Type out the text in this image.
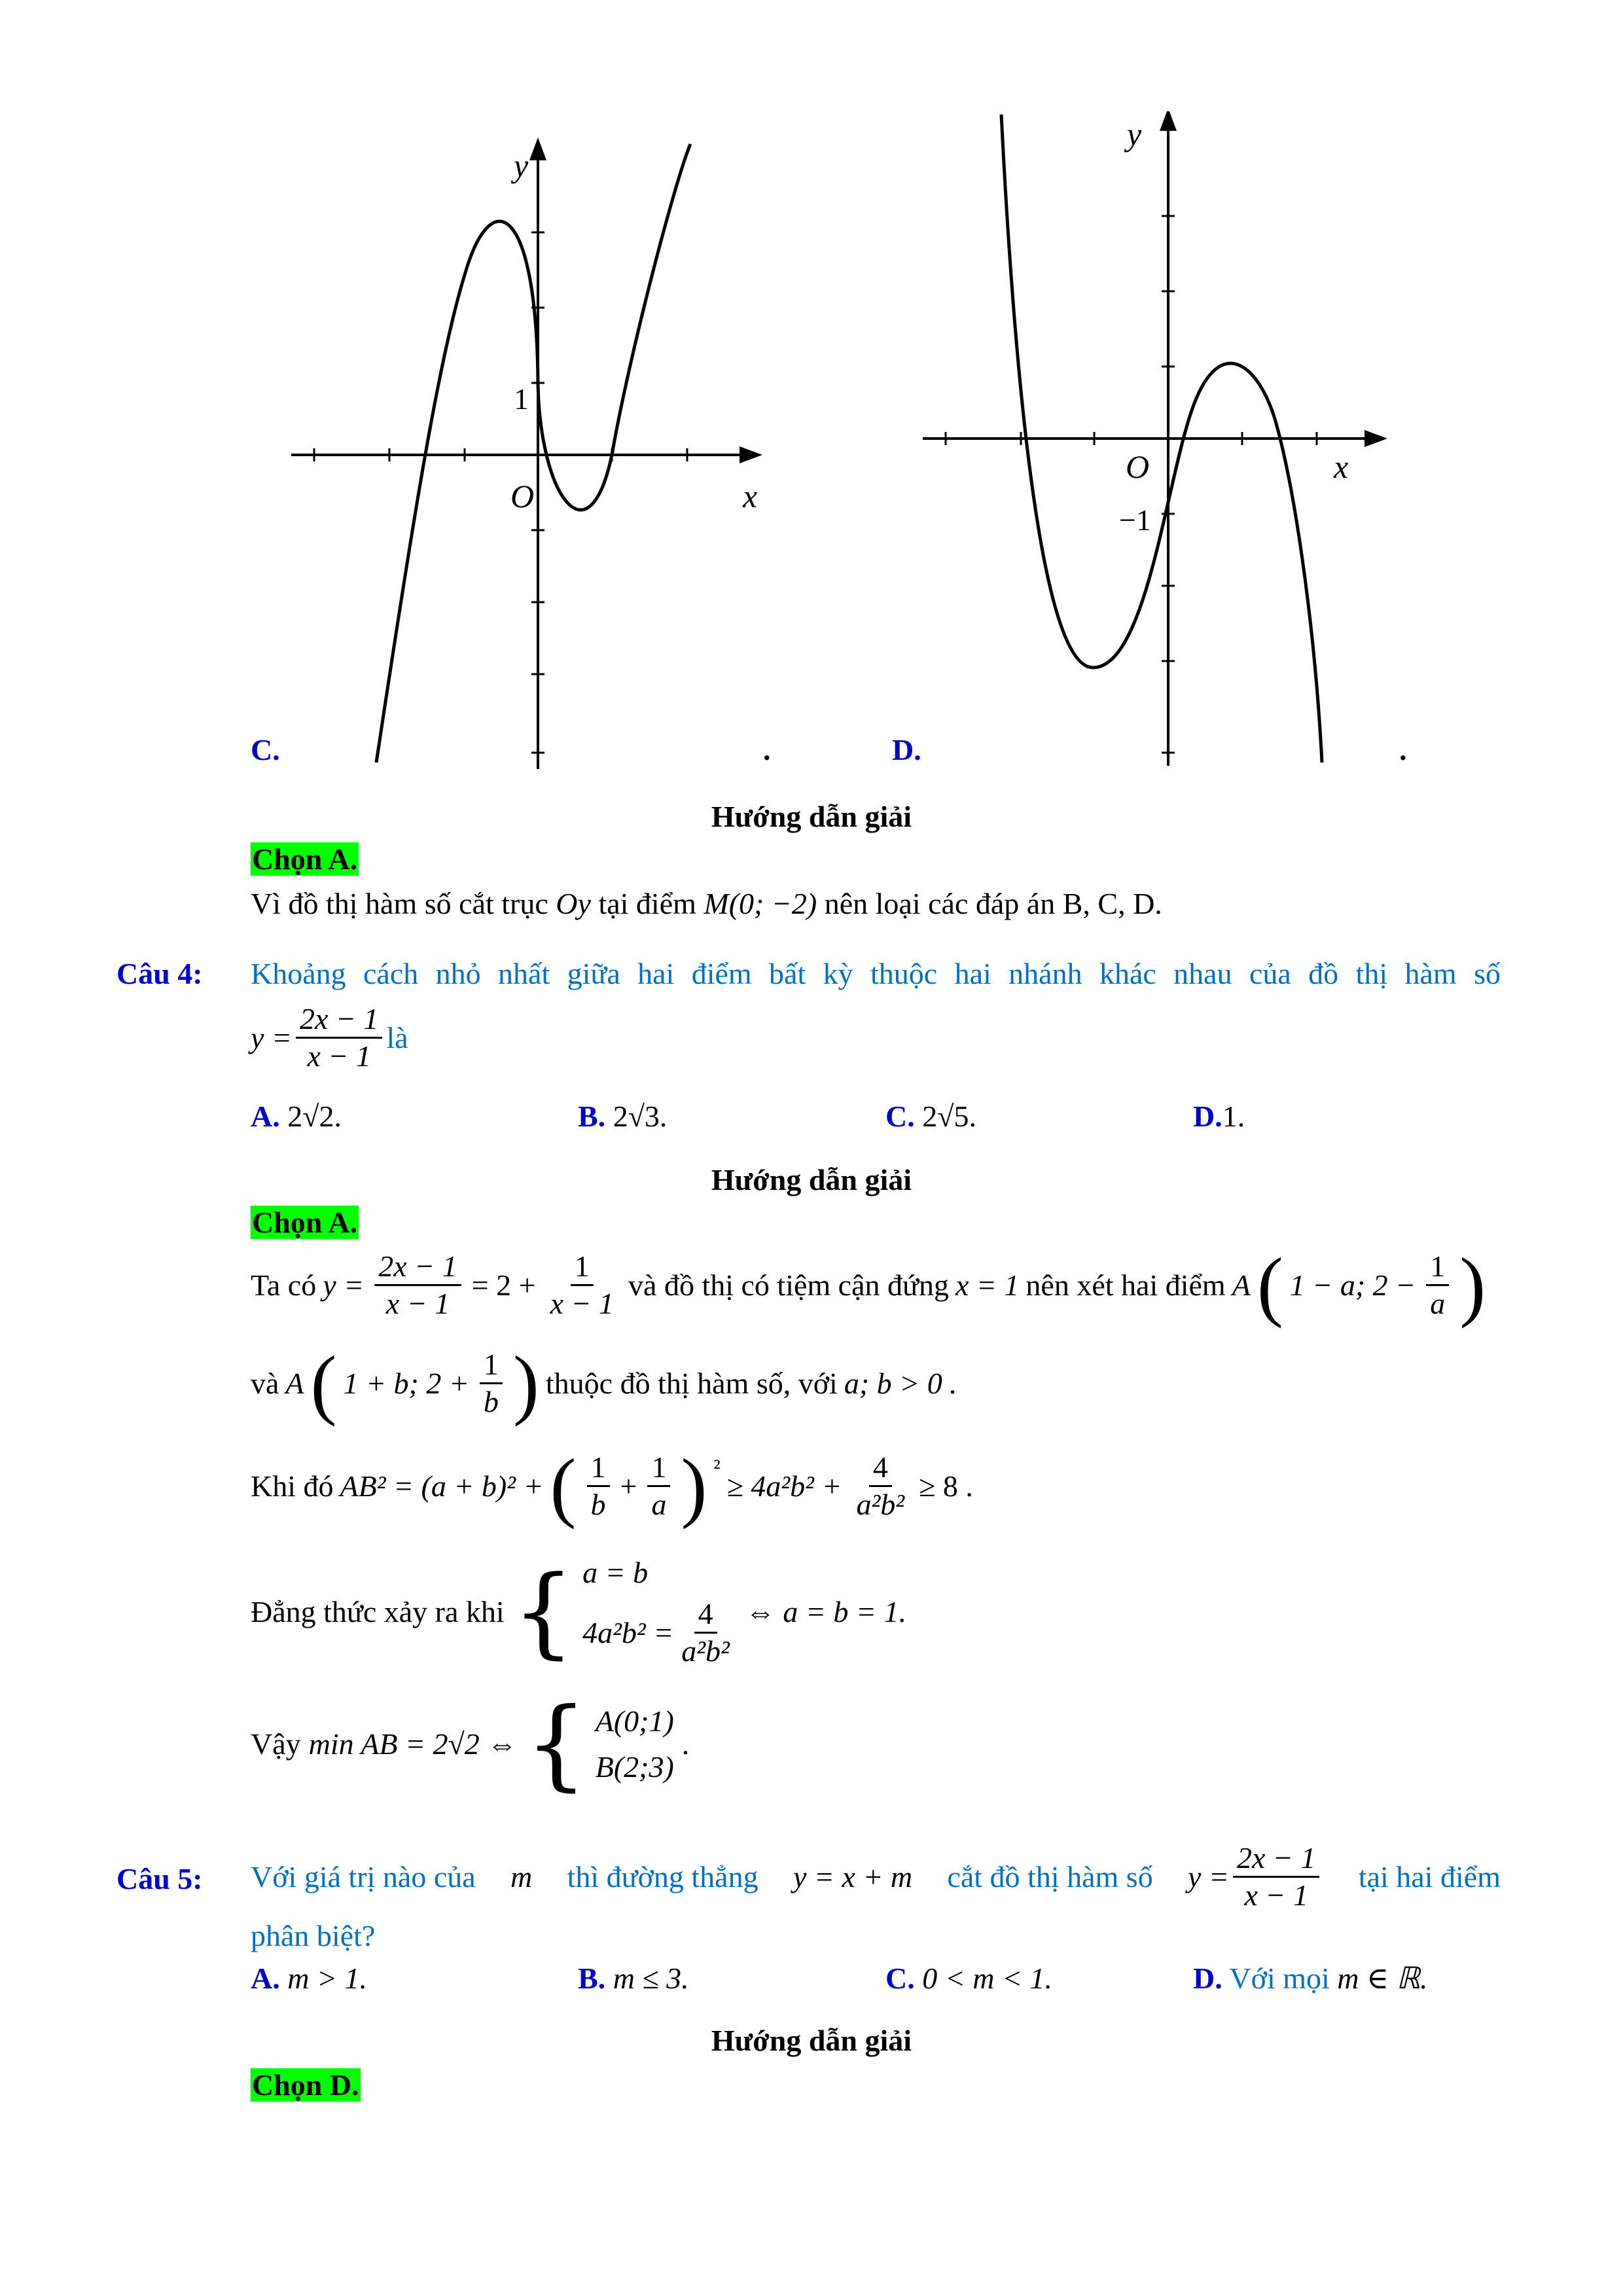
y
x
O
1
C.	.
y
x
O
−1
D.	.
Hướng dẫn giải
Chọn A.
Vì đồ thị hàm số cắt trục Oy tại điểm M(0; −2) nên loại các đáp án B, C, D.
Câu 4: Khoảng cách nhỏ nhất giữa hai điểm bất kỳ thuộc hai nhánh khác nhau của đồ thị hàm số
$y = \frac{2x - 1}{x - 1}$ là
A. 2√2.	B. 2√3.	C. 2√5.	D.1.
Hướng dẫn giải
Chọn A.
Ta có $y = \frac{2x - 1}{x - 1} = 2 + \frac{1}{x - 1}$ và đồ thị có tiệm cận đứng x = 1 nên xét hai điểm A ( 1 − a; $2 - \frac{1}{a}$ )
và A ( 1 + b; $2 + \frac{1}{b}$ ) thuộc đồ thị hàm số, với a; b > 0 .
Khi đó AB² = (a + b)² + ( $\frac{1}{b} + \frac{1}{a}$ ) ²
≥ $4a^2b^2 + \frac{4}{\text{a²b²}} \ge 8$ .
Đẳng thức xảy ra khi { a = b
$4a^2b^2 = \frac{4}{\text{a²b²}}$ ⇔ a = b = 1.
Vậy min AB = 2√2 ⇔ { A(0;1)
B(2;3)
.
Câu 5: Với giá trị nào của m thì đường thẳng y = x + m cắt đồ thị hàm số $y = \frac{2x - 1}{x - 1}$ tại hai điểm
phân biệt?
A. m > 1.	B. m ≤ 3.	C. 0 < m < 1.	D. Với mọi m ∈ ℝ.
Hướng dẫn giải
Chọn D.
